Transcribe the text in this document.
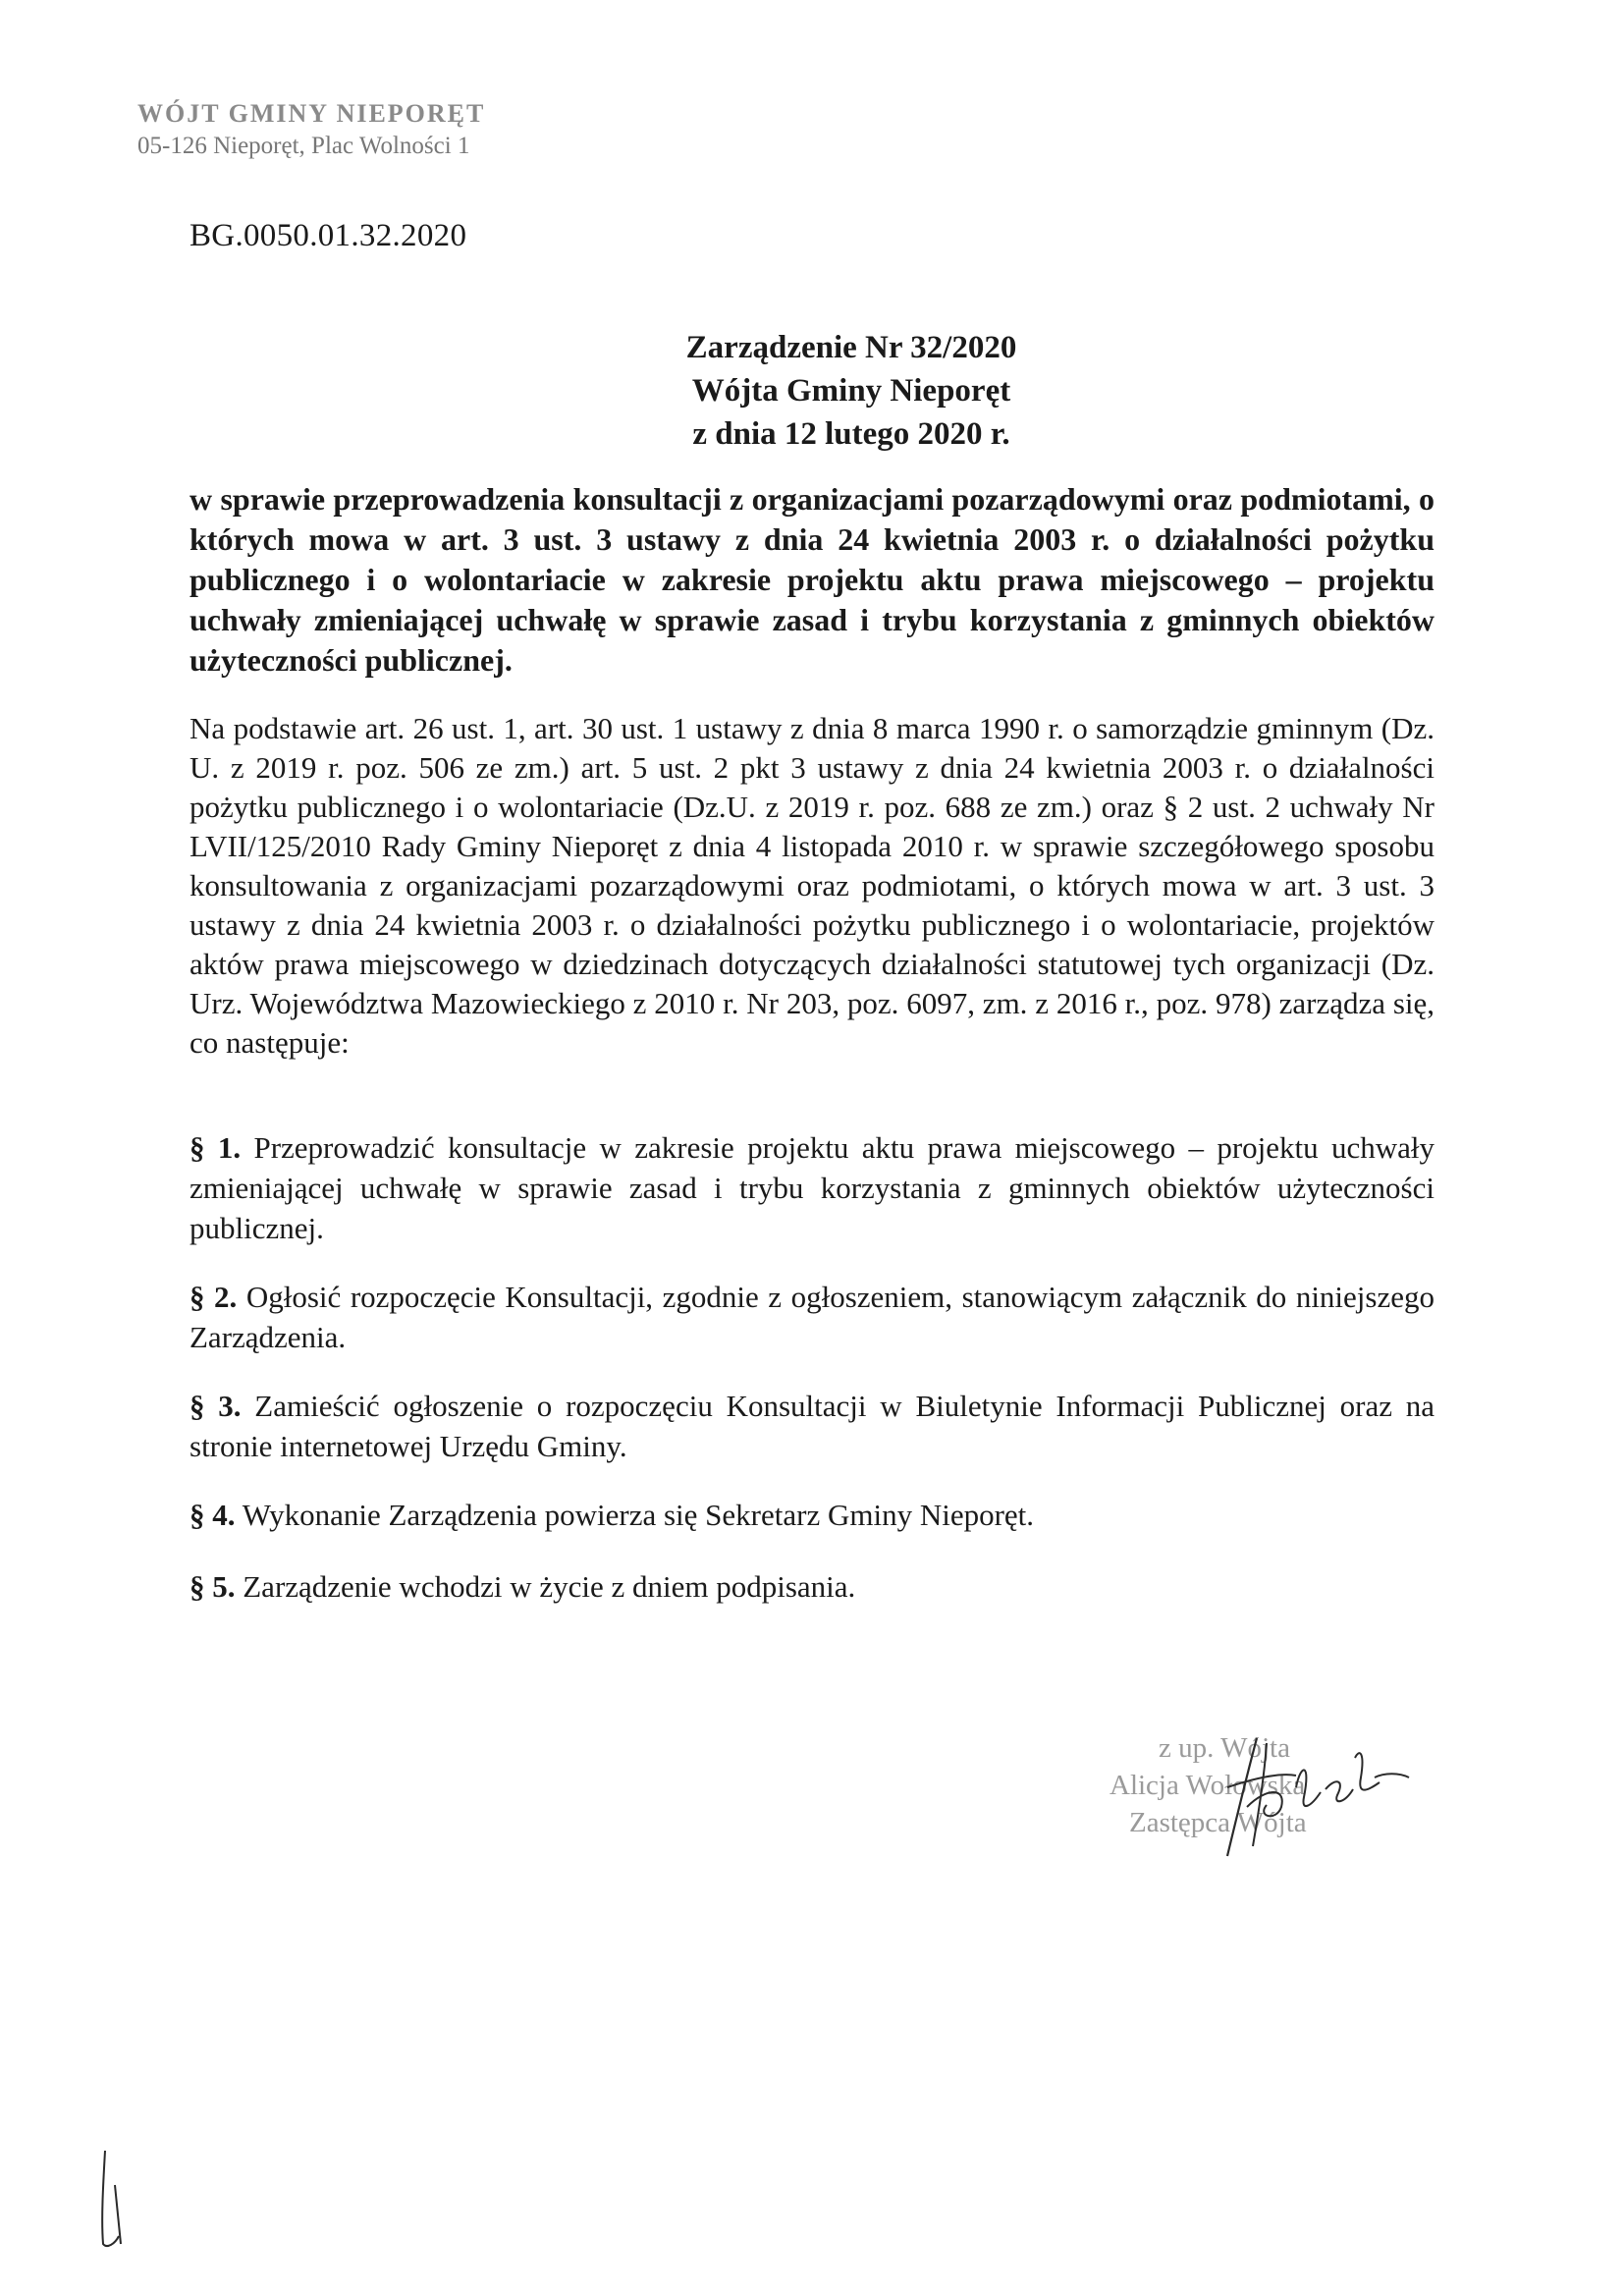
WÓJT GMINY NIEPORĘT
05-126 Nieporęt, Plac Wolności 1
BG.0050.01.32.2020
Zarządzenie Nr 32/2020
Wójta Gminy Nieporęt
z dnia 12 lutego 2020 r.
w sprawie przeprowadzenia konsultacji z organizacjami pozarządowymi oraz podmiotami, o których mowa w art. 3 ust. 3 ustawy z dnia 24 kwietnia 2003 r. o działalności pożytku publicznego i o wolontariacie w zakresie projektu aktu prawa miejscowego – projektu uchwały zmieniającej uchwałę w sprawie zasad i trybu korzystania z gminnych obiektów użyteczności publicznej.
Na podstawie art. 26 ust. 1, art. 30 ust. 1 ustawy z dnia 8 marca 1990 r. o samorządzie gminnym (Dz. U. z 2019 r. poz. 506 ze zm.) art. 5 ust. 2 pkt 3 ustawy z dnia 24 kwietnia 2003 r. o działalności pożytku publicznego i o wolontariacie (Dz.U. z 2019 r. poz. 688 ze zm.) oraz § 2 ust. 2 uchwały Nr LVII/125/2010 Rady Gminy Nieporęt z dnia 4 listopada 2010 r. w sprawie szczegółowego sposobu konsultowania z organizacjami pozarządowymi oraz podmiotami, o których mowa w art. 3 ust. 3 ustawy z dnia 24 kwietnia 2003 r. o działalności pożytku publicznego i o wolontariacie, projektów aktów prawa miejscowego w dziedzinach dotyczących działalności statutowej tych organizacji (Dz. Urz. Województwa Mazowieckiego z 2010 r. Nr 203, poz. 6097, zm. z 2016 r., poz. 978) zarządza się, co następuje:
§ 1. Przeprowadzić konsultacje w zakresie projektu aktu prawa miejscowego – projektu uchwały zmieniającej uchwałę w sprawie zasad i trybu korzystania z gminnych obiektów użyteczności publicznej.
§ 2. Ogłosić rozpoczęcie Konsultacji, zgodnie z ogłoszeniem, stanowiącym załącznik do niniejszego Zarządzenia.
§ 3. Zamieścić ogłoszenie o rozpoczęciu Konsultacji w Biuletynie Informacji Publicznej oraz na stronie internetowej Urzędu Gminy.
§ 4. Wykonanie Zarządzenia powierza się Sekretarz Gminy Nieporęt.
§ 5. Zarządzenie wchodzi w życie z dniem podpisania.
z up. Wójta
Alicja Wołowska
Zastępca Wójta
